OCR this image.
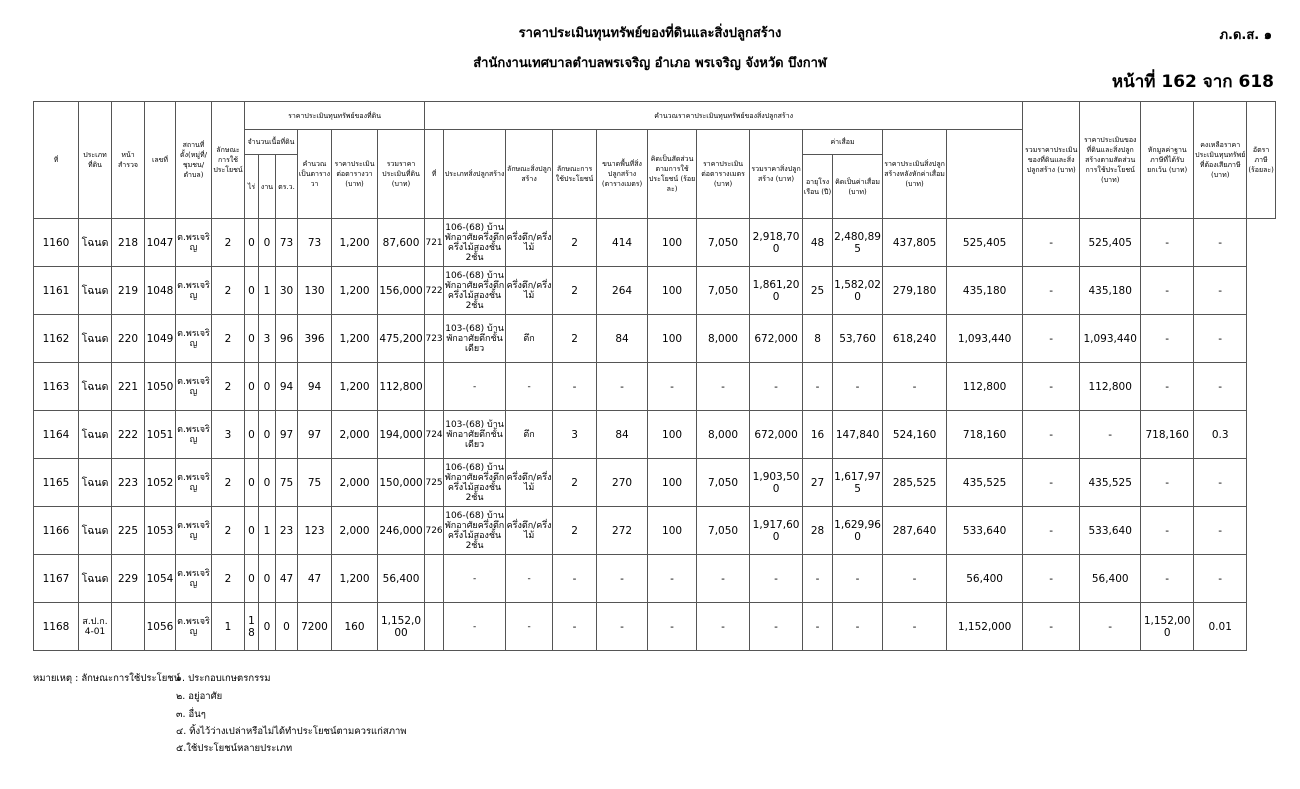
ราคาประเมินทุนทรัพย์ของที่ดินและสิ่งปลูกสร้าง
สำนักงานเทศบาลตำบลพรเจริญ อำเภอ พรเจริญ จังหวัด บึงกาฬ
ภ.ด.ส. ๑
หน้าที่ 162 จาก 618
ที่	ประเภทที่ดิน	หน้าสำรวจ	เลขที่	สถานที่ตั้ง(หมู่ที่/ชุมชน/ตำบล)	ลักษณะการใช้ประโยชน์	ราคาประเมินทุนทรัพย์ของที่ดิน						คำนวณราคาประเมินทุนทรัพย์ของสิ่งปลูกสร้าง												รวมราคาประเมินของที่ดินและสิ่งปลูกสร้าง (บาท)	ราคาประเมินของที่ดินและสิ่งปลูกสร้างตามสัดส่วนการใช้ประโยชน์ (บาท)	หักมูลค่าฐานภาษีที่ได้รับยกเว้น (บาท)	คงเหลือราคาประเมินทุนทรัพย์ที่ต้องเสียภาษี (บาท)	อัตราภาษี (ร้อยละ)
						จำนวนเนื้อที่ดิน			คำนวณเป็นตารางวา	ราคาประเมินต่อตารางวา (บาท)	รวมราคาประเมินที่ดิน (บาท)	ที่	ประเภทสิ่งปลูกสร้าง	ลักษณะสิ่งปลูกสร้าง	ลักษณะการใช้ประโยชน์	ขนาดพื้นที่สิ่งปลูกสร้าง (ตารางเมตร)	คิดเป็นสัดส่วนตามการใช้ประโยชน์ (ร้อยละ)	ราคาประเมินต่อตารางเมตร (บาท)	รวมราคาสิ่งปลูกสร้าง (บาท)	ค่าเสื่อม		ราคาประเมินสิ่งปลูกสร้างหลังหักค่าเสื่อม (บาท)						
						ไร่	งาน	ตร.ว.												อายุโรงเรือน (ปี)	คิดเป็นค่าเสื่อม (บาท)							
1160	โฉนด	218	1047	ต.พรเจริญ	2	0	0	73	73	1,200	87,600	721	106-(68) บ้านพักอาศัยครึ่งตึกครึ่งไม้สองชั้น 2ชั้น	ครึ่งตึก/ครึ่งไม้	2	414	100	7,050	2,918,700	48	2,480,895	437,805	525,405	-	525,405	-	-	
1161	โฉนด	219	1048	ต.พรเจริญ	2	0	1	30	130	1,200	156,000	722	106-(68) บ้านพักอาศัยครึ่งตึกครึ่งไม้สองชั้น 2ชั้น	ครึ่งตึก/ครึ่งไม้	2	264	100	7,050	1,861,200	25	1,582,020	279,180	435,180	-	435,180	-	-	
1162	โฉนด	220	1049	ต.พรเจริญ	2	0	3	96	396	1,200	475,200	723	103-(68) บ้านพักอาศัยตึกชั้นเดียว	ตึก	2	84	100	8,000	672,000	8	53,760	618,240	1,093,440	-	1,093,440	-	-	
1163	โฉนด	221	1050	ต.พรเจริญ	2	0	0	94	94	1,200	112,800		-	-	-	-	-	-	-	-	-	-	112,800	-	112,800	-	-	
1164	โฉนด	222	1051	ต.พรเจริญ	3	0	0	97	97	2,000	194,000	724	103-(68) บ้านพักอาศัยตึกชั้นเดียว	ตึก	3	84	100	8,000	672,000	16	147,840	524,160	718,160	-	-	718,160	0.3	
1165	โฉนด	223	1052	ต.พรเจริญ	2	0	0	75	75	2,000	150,000	725	106-(68) บ้านพักอาศัยครึ่งตึกครึ่งไม้สองชั้น 2ชั้น	ครึ่งตึก/ครึ่งไม้	2	270	100	7,050	1,903,500	27	1,617,975	285,525	435,525	-	435,525	-	-	
1166	โฉนด	225	1053	ต.พรเจริญ	2	0	1	23	123	2,000	246,000	726	106-(68) บ้านพักอาศัยครึ่งตึกครึ่งไม้สองชั้น 2ชั้น	ครึ่งตึก/ครึ่งไม้	2	272	100	7,050	1,917,600	28	1,629,960	287,640	533,640	-	533,640	-	-	
1167	โฉนด	229	1054	ต.พรเจริญ	2	0	0	47	47	1,200	56,400		-	-	-	-	-	-	-	-	-	-	56,400	-	56,400	-	-	
1168	ส.ป.ก. 4-01		1056	ต.พรเจริญ	1	18	0	0	7200	160	1,152,000		-	-	-	-	-	-	-	-	-	-	1,152,000	-	-	1,152,000	0.01	
หมายเหตุ : ลักษณะการใช้ประโยชน์
๑. ประกอบเกษตรกรรม
๒. อยู่อาศัย
๓. อื่นๆ
๔. ทิ้งไว้ว่างเปล่าหรือไม่ได้ทำประโยชน์ตามควรแก่สภาพ
๕.ใช้ประโยชน์หลายประเภท
